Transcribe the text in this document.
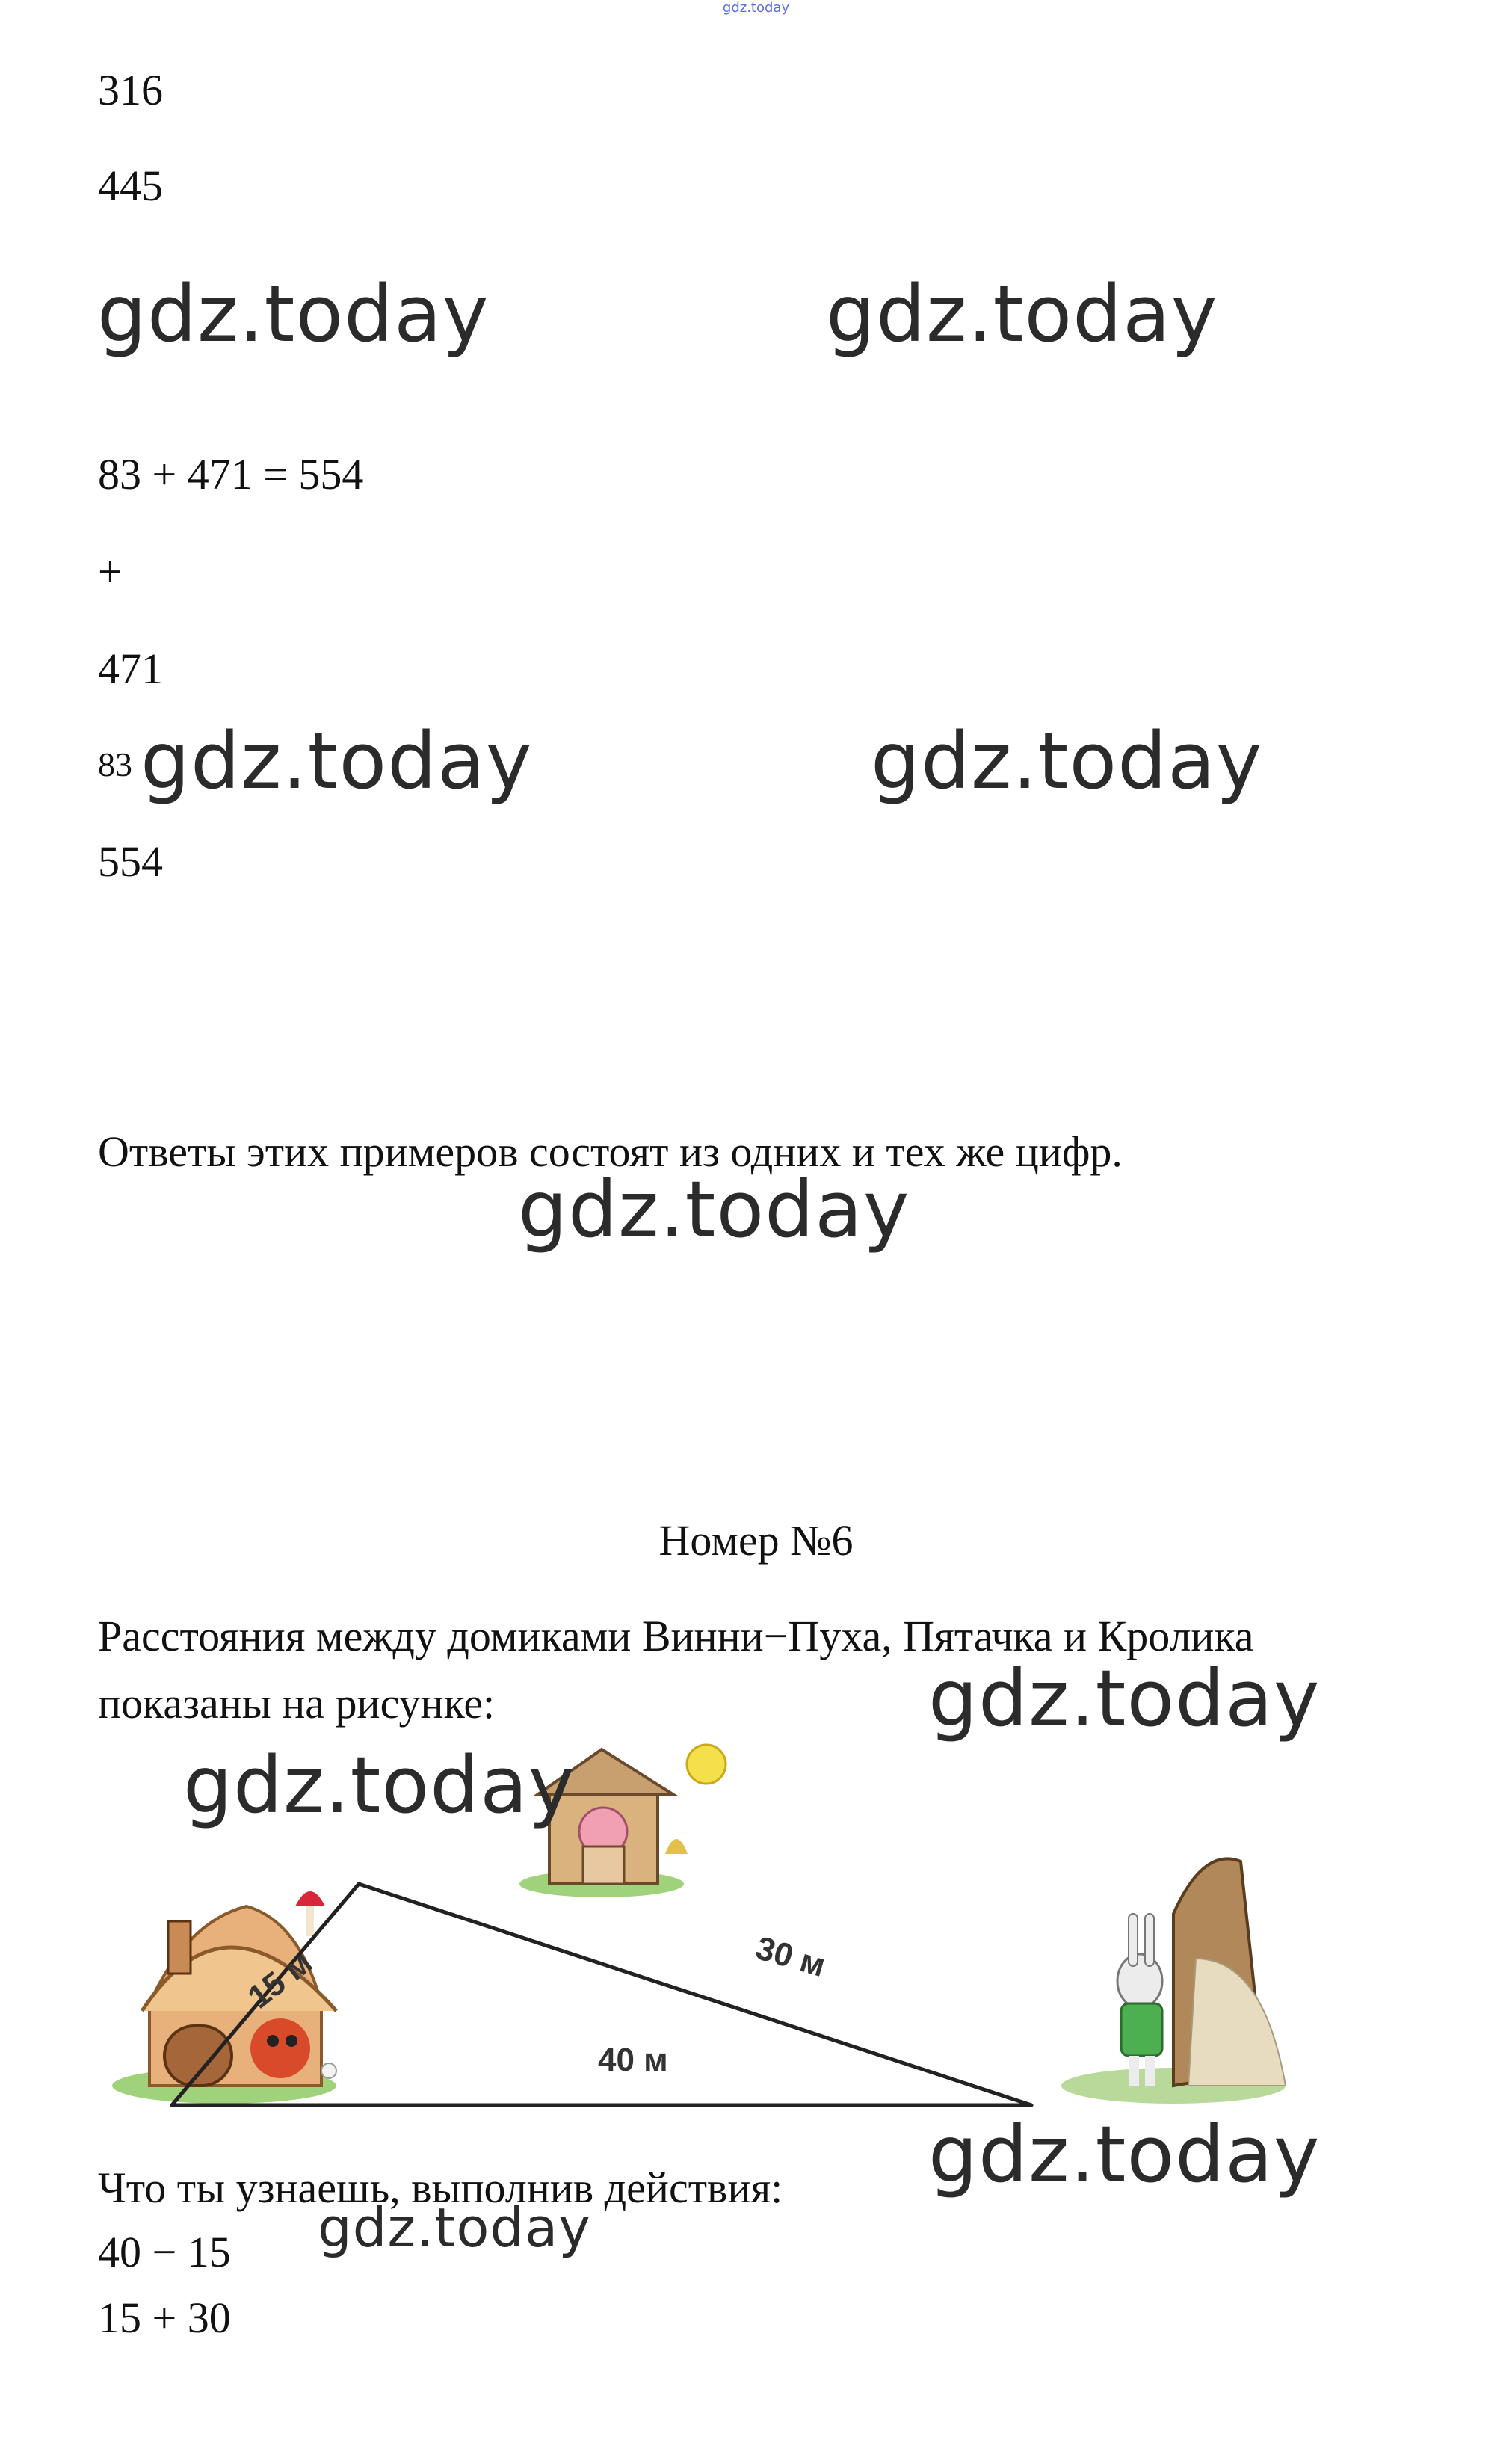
gdz.today
316
445
gdz.today	gdz.today
83 + 471 = 554
+
471
83 gdz.today	gdz.today
554
Ответы этих примеров состоят из одних и тех же цифр.
gdz.today
Номер №6
Расстояния между домиками Винни−Пуха, Пятачка и Кролика
показаны на рисунке:	gdz.today
15 м	30 м
40 м
gdz.today
gdz.today
Что ты узнаешь, выполнив действия:
gdz.today
40 − 15
15 + 30
